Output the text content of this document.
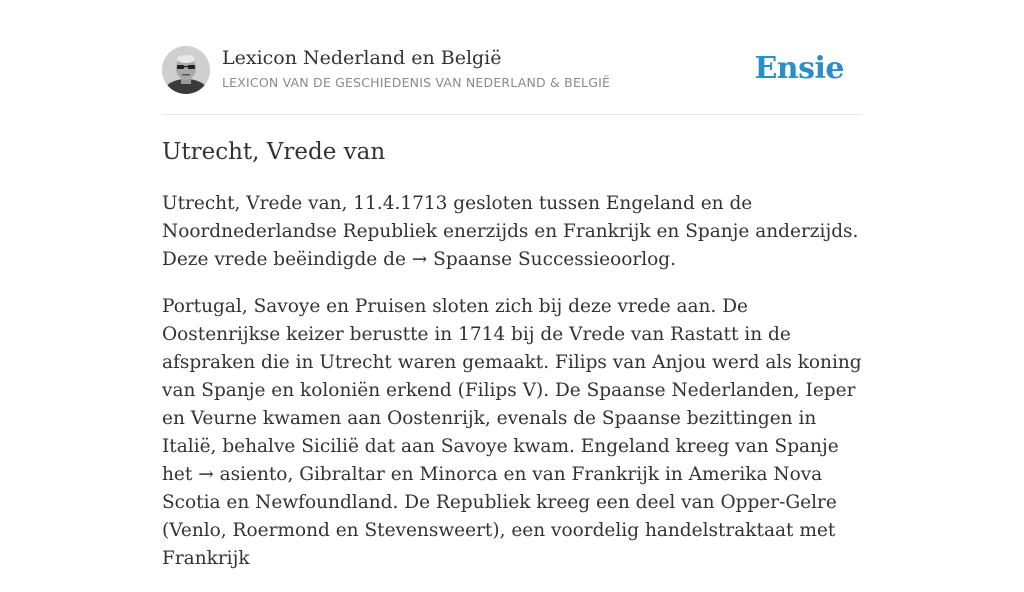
Lexicon Nederland en België
LEXICON VAN DE GESCHIEDENIS VAN NEDERLAND & BELGIË	Ensie
Utrecht, Vrede van

Utrecht, Vrede van, 11.4.1713 gesloten tussen Engeland en de Noordnederlandse Republiek enerzijds en Frankrijk en Spanje anderzijds. Deze vrede beëindigde de → Spaanse Successieoorlog.

Portugal, Savoye en Pruisen sloten zich bij deze vrede aan. De Oostenrijkse keizer berustte in 1714 bij de Vrede van Rastatt in de afspraken die in Utrecht waren gemaakt. Filips van Anjou werd als koning van Spanje en koloniën erkend (Filips V). De Spaanse Nederlanden, Ieper en Veurne kwamen aan Oostenrijk, evenals de Spaanse bezittingen in Italië, behalve Sicilië dat aan Savoye kwam. Engeland kreeg van Spanje het → asiento, Gibraltar en Minorca en van Frankrijk in Amerika Nova Scotia en Newfoundland. De Republiek kreeg een deel van Opper-Gelre (Venlo, Roermond en Stevensweert), een voordelig handelstraktaat met Frankrijk
